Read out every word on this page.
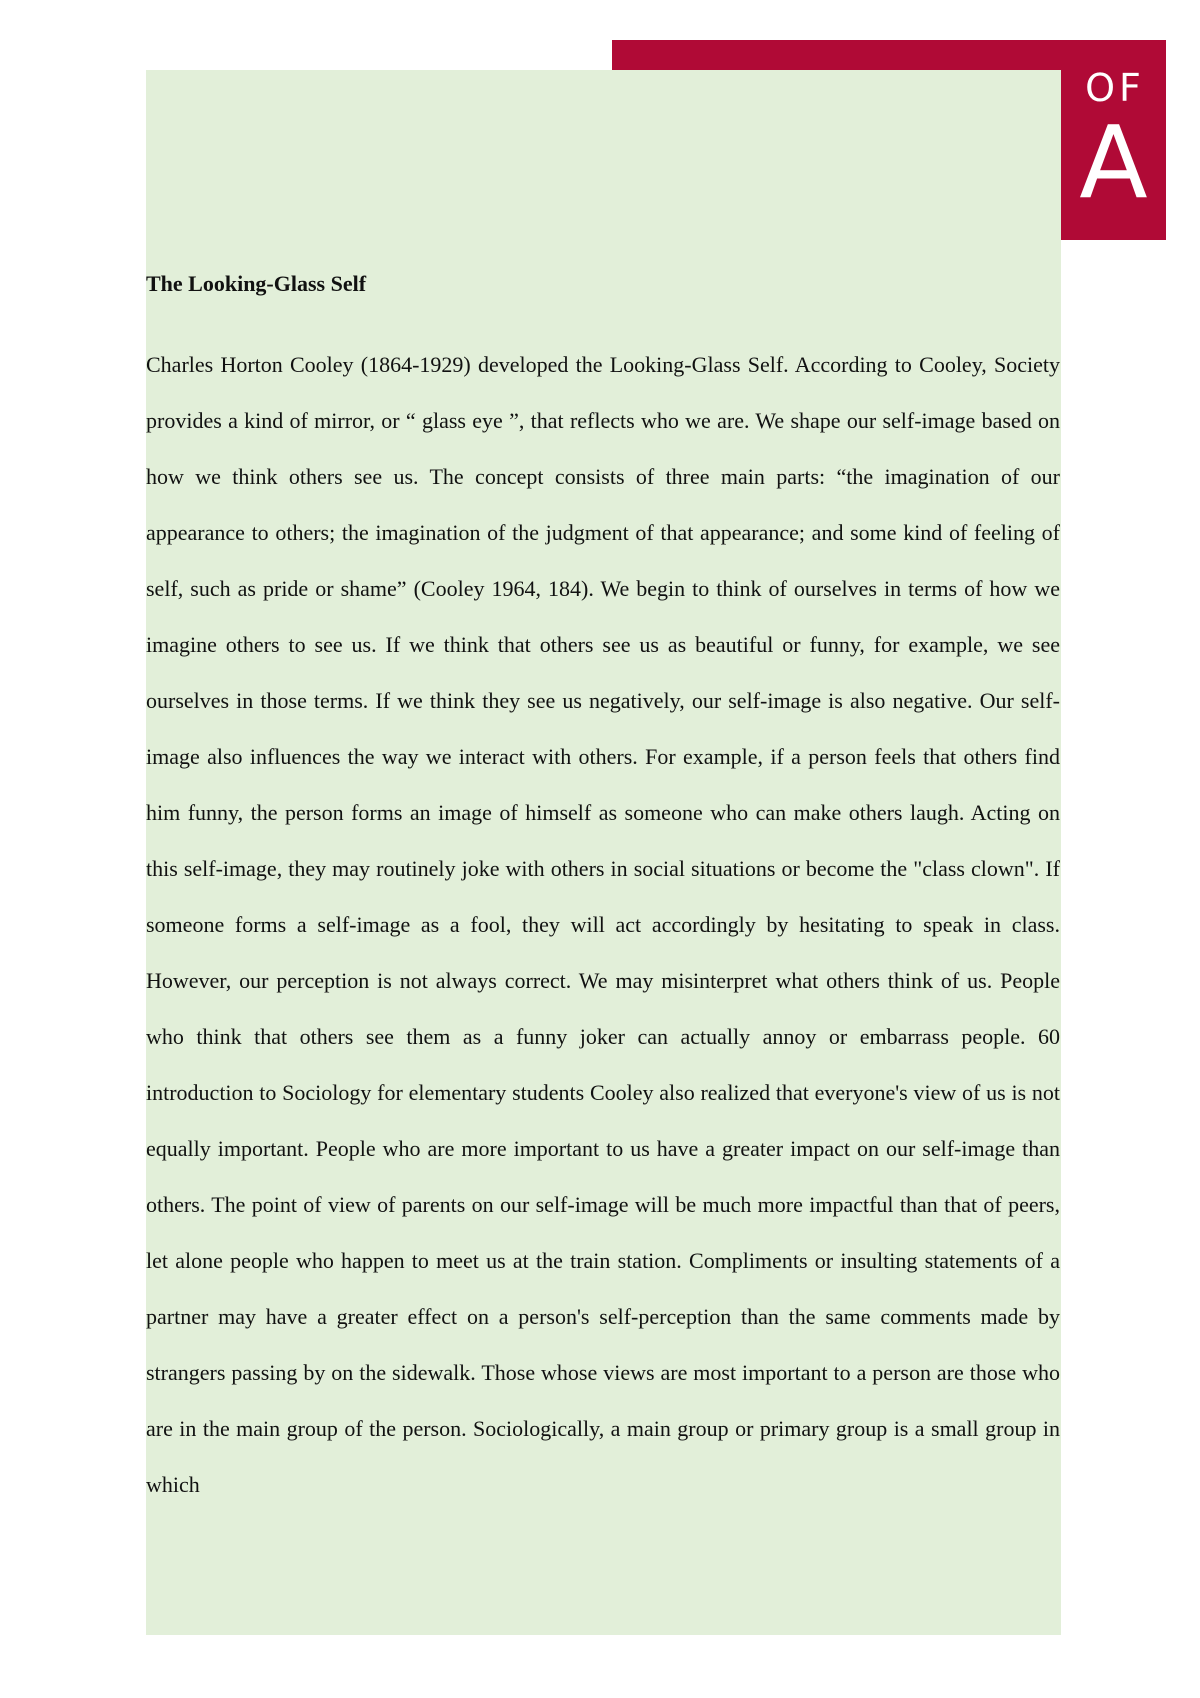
OF
A
The Looking-Glass Self

Charles Horton Cooley (1864-1929) developed the Looking-Glass Self. According to Cooley, Society provides a kind of mirror, or “ glass eye ”, that reflects who we are. We shape our self-image based on how we think others see us. The concept consists of three main parts: “the imagination of our appearance to others; the imagination of the judgment of that appearance; and some kind of feeling of self, such as pride or shame” (Cooley 1964, 184). We begin to think of ourselves in terms of how we imagine others to see us. If we think that others see us as beautiful or funny, for example, we see ourselves in those terms. If we think they see us negatively, our self-image is also negative. Our self-image also influences the way we interact with others. For example, if a person feels that others find him funny, the person forms an image of himself as someone who can make others laugh. Acting on this self-image, they may routinely joke with others in social situations or become the "class clown". If someone forms a self-image as a fool, they will act accordingly by hesitating to speak in class. However, our perception is not always correct. We may misinterpret what others think of us. People who think that others see them as a funny joker can actually annoy or embarrass people. 60 introduction to Sociology for elementary students Cooley also realized that everyone's view of us is not equally important. People who are more important to us have a greater impact on our self-image than others. The point of view of parents on our self-image will be much more impactful than that of peers, let alone people who happen to meet us at the train station. Compliments or insulting statements of a partner may have a greater effect on a person's self-perception than the same comments made by strangers passing by on the sidewalk. Those whose views are most important to a person are those who are in the main group of the person. Sociologically, a main group or primary group is a small group in which
